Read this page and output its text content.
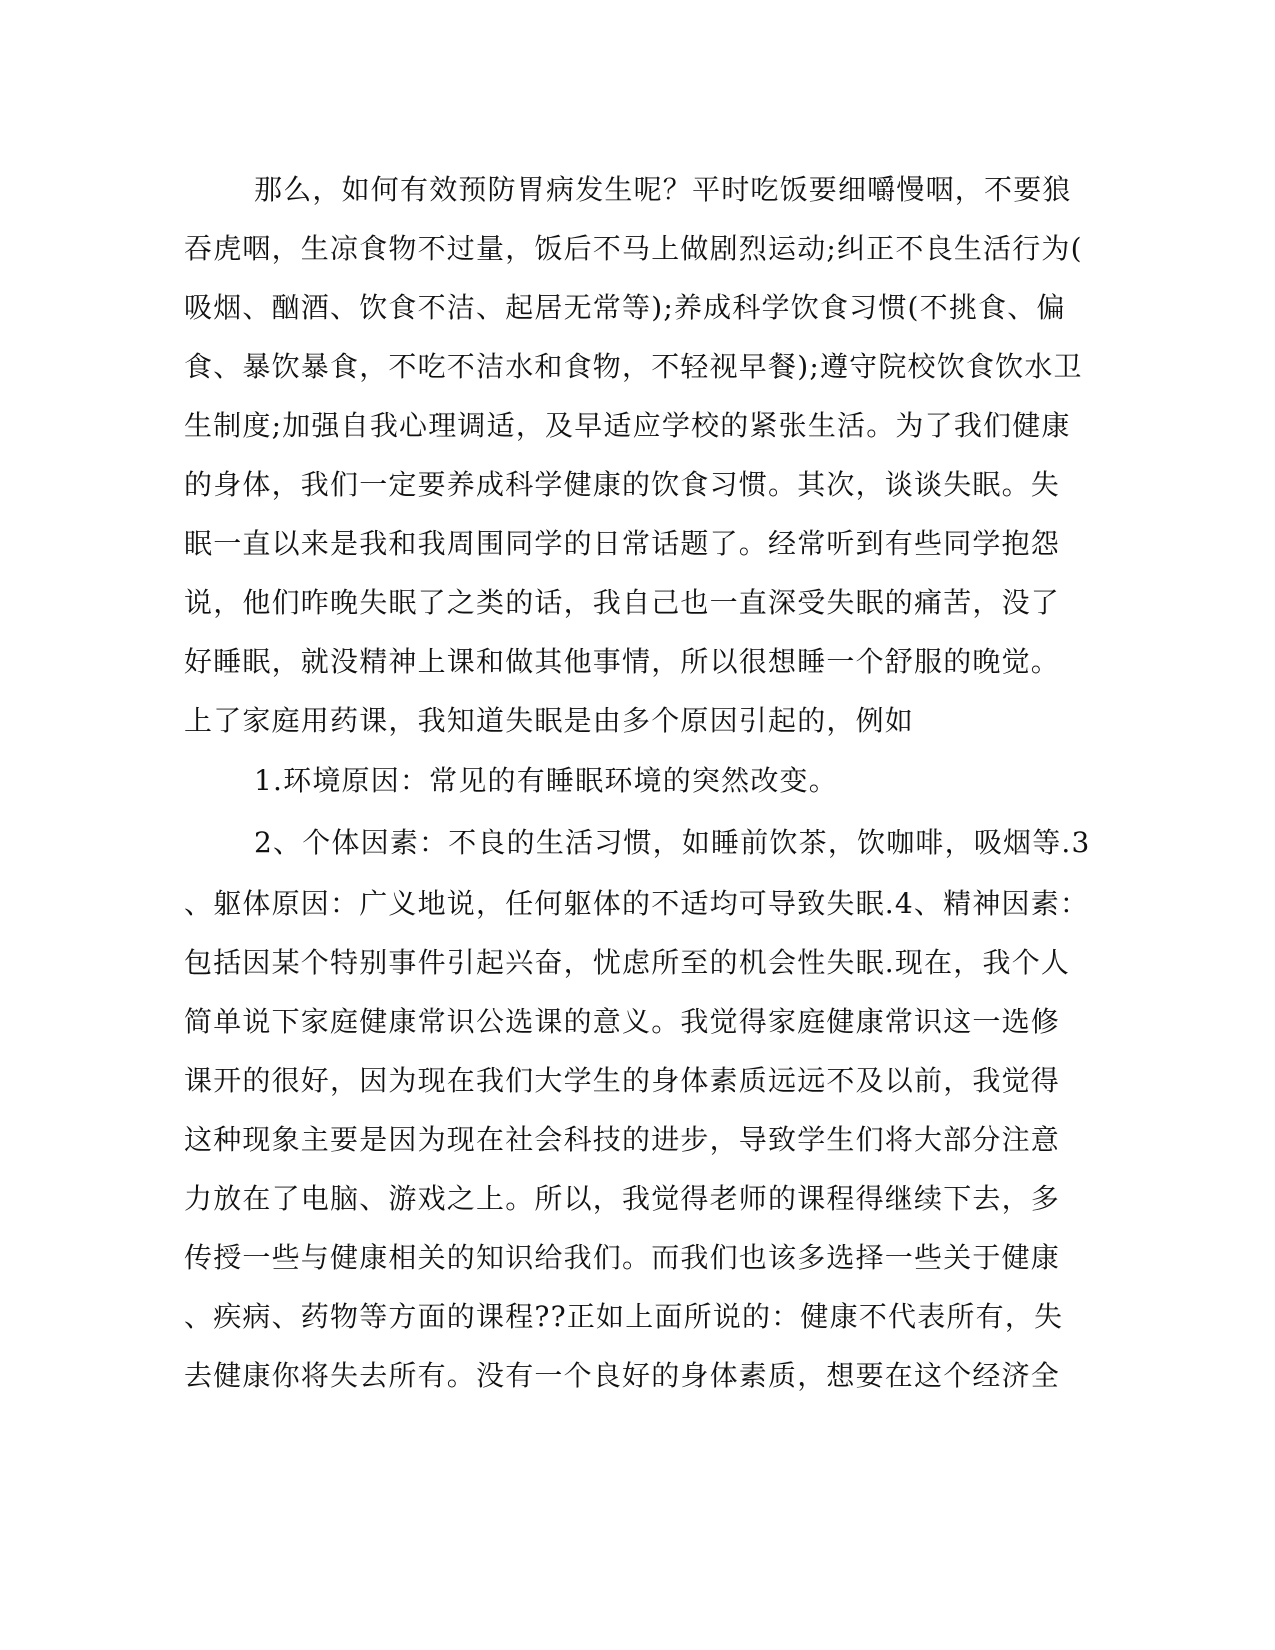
那么，如何有效预防胃病发生呢？平时吃饭要细嚼慢咽，不要狼
吞虎咽，生凉食物不过量，饭后不马上做剧烈运动;纠正不良生活行为(
吸烟、酗酒、饮食不洁、起居无常等);养成科学饮食习惯(不挑食、偏
食、暴饮暴食，不吃不洁水和食物，不轻视早餐);遵守院校饮食饮水卫
生制度;加强自我心理调适，及早适应学校的紧张生活。为了我们健康
的身体，我们一定要养成科学健康的饮食习惯。其次，谈谈失眠。失
眠一直以来是我和我周围同学的日常话题了。经常听到有些同学抱怨
说，他们昨晚失眠了之类的话，我自己也一直深受失眠的痛苦，没了
好睡眠，就没精神上课和做其他事情，所以很想睡一个舒服的晚觉。
上了家庭用药课，我知道失眠是由多个原因引起的，例如
1.环境原因：常见的有睡眠环境的突然改变。
2、个体因素：不良的生活习惯，如睡前饮茶，饮咖啡，吸烟等.3
、躯体原因：广义地说，任何躯体的不适均可导致失眠.4、精神因素：
包括因某个特别事件引起兴奋，忧虑所至的机会性失眠.现在，我个人
简单说下家庭健康常识公选课的意义。我觉得家庭健康常识这一选修
课开的很好，因为现在我们大学生的身体素质远远不及以前，我觉得
这种现象主要是因为现在社会科技的进步，导致学生们将大部分注意
力放在了电脑、游戏之上。所以，我觉得老师的课程得继续下去，多
传授一些与健康相关的知识给我们。而我们也该多选择一些关于健康
、疾病、药物等方面的课程??正如上面所说的：健康不代表所有，失
去健康你将失去所有。没有一个良好的身体素质，想要在这个经济全
